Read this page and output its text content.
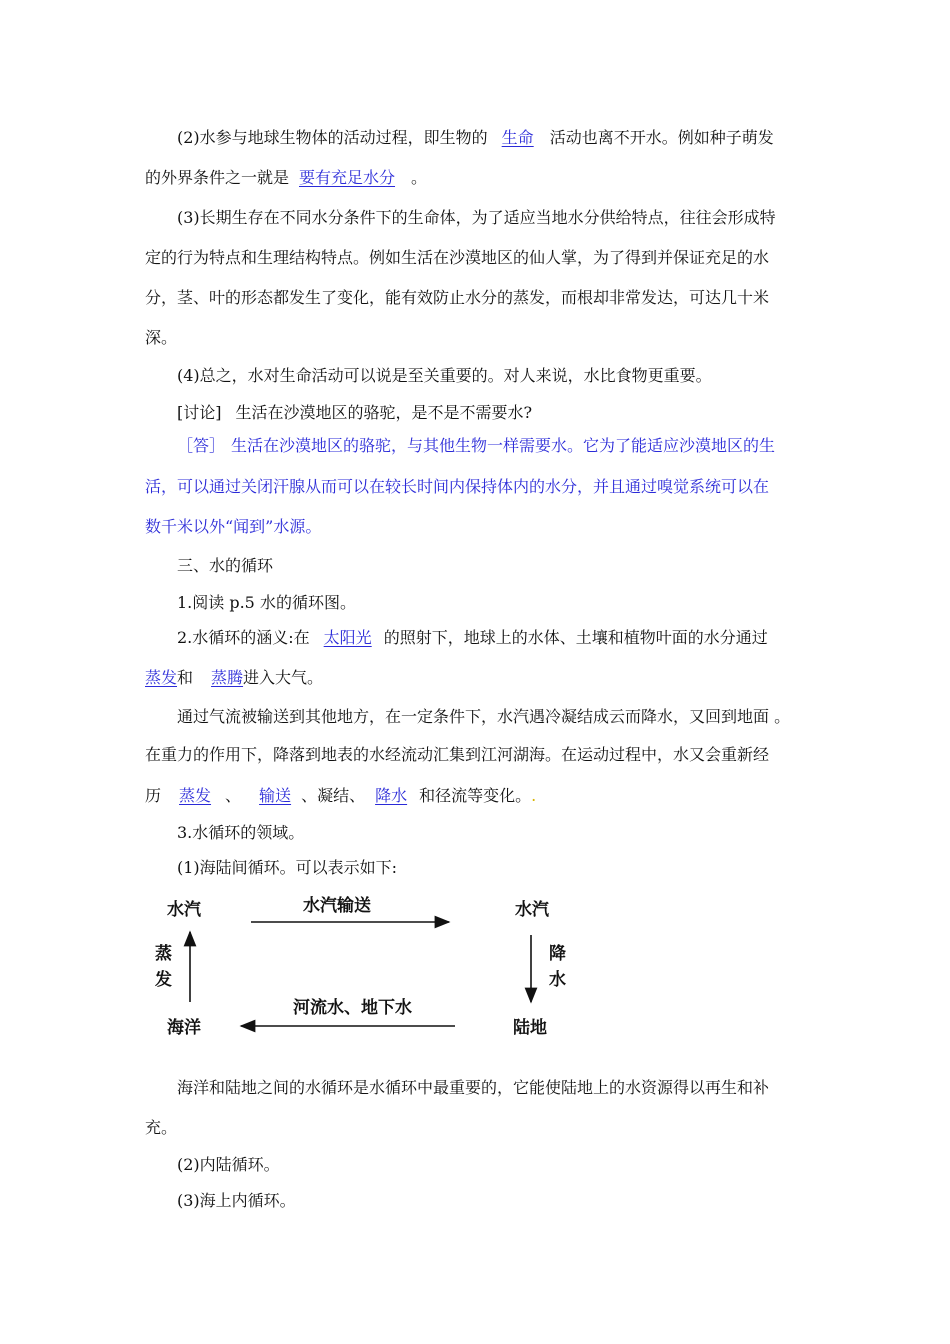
(2)水参与地球生物体的活动过程，即生物的 生命 活动也离不开水。例如种子萌发
的外界条件之一就是 要有充足水分 。
(3)长期生存在不同水分条件下的生命体，为了适应当地水分供给特点，往往会形成特
定的行为特点和生理结构特点。例如生活在沙漠地区的仙人掌，为了得到并保证充足的水
分，茎、叶的形态都发生了变化，能有效防止水分的蒸发，而根却非常发达，可达几十米
深。
(4)总之，水对生命活动可以说是至关重要的。对人来说，水比食物更重要。
[讨论] 生活在沙漠地区的骆驼，是不是不需要水?
［答］ 生活在沙漠地区的骆驼，与其他生物一样需要水。它为了能适应沙漠地区的生
活，可以通过关闭汗腺从而可以在较长时间内保持体内的水分，并且通过嗅觉系统可以在
数千米以外“闻到”水源。
三、水的循环
1.阅读 p.5 水的循环图。
2.水循环的涵义:在 太阳光 的照射下，地球上的水体、土壤和植物叶面的水分通过
蒸发和 蒸腾进入大气。
通过气流被输送到其他地方，在一定条件下，水汽遇冷凝结成云而降水，又回到地面 。
在重力的作用下，降落到地表的水经流动汇集到江河湖海。在运动过程中，水又会重新经
历 蒸发 、 输送 、凝结、 降水 和径流等变化。.
3.水循环的领域。
(1)海陆间循环。可以表示如下:
水汽	水汽输送	水汽
蒸发
降水
海洋
河流水、地下水
陆地
海洋和陆地之间的水循环是水循环中最重要的，它能使陆地上的水资源得以再生和补
充。
(2)内陆循环。
(3)海上内循环。
